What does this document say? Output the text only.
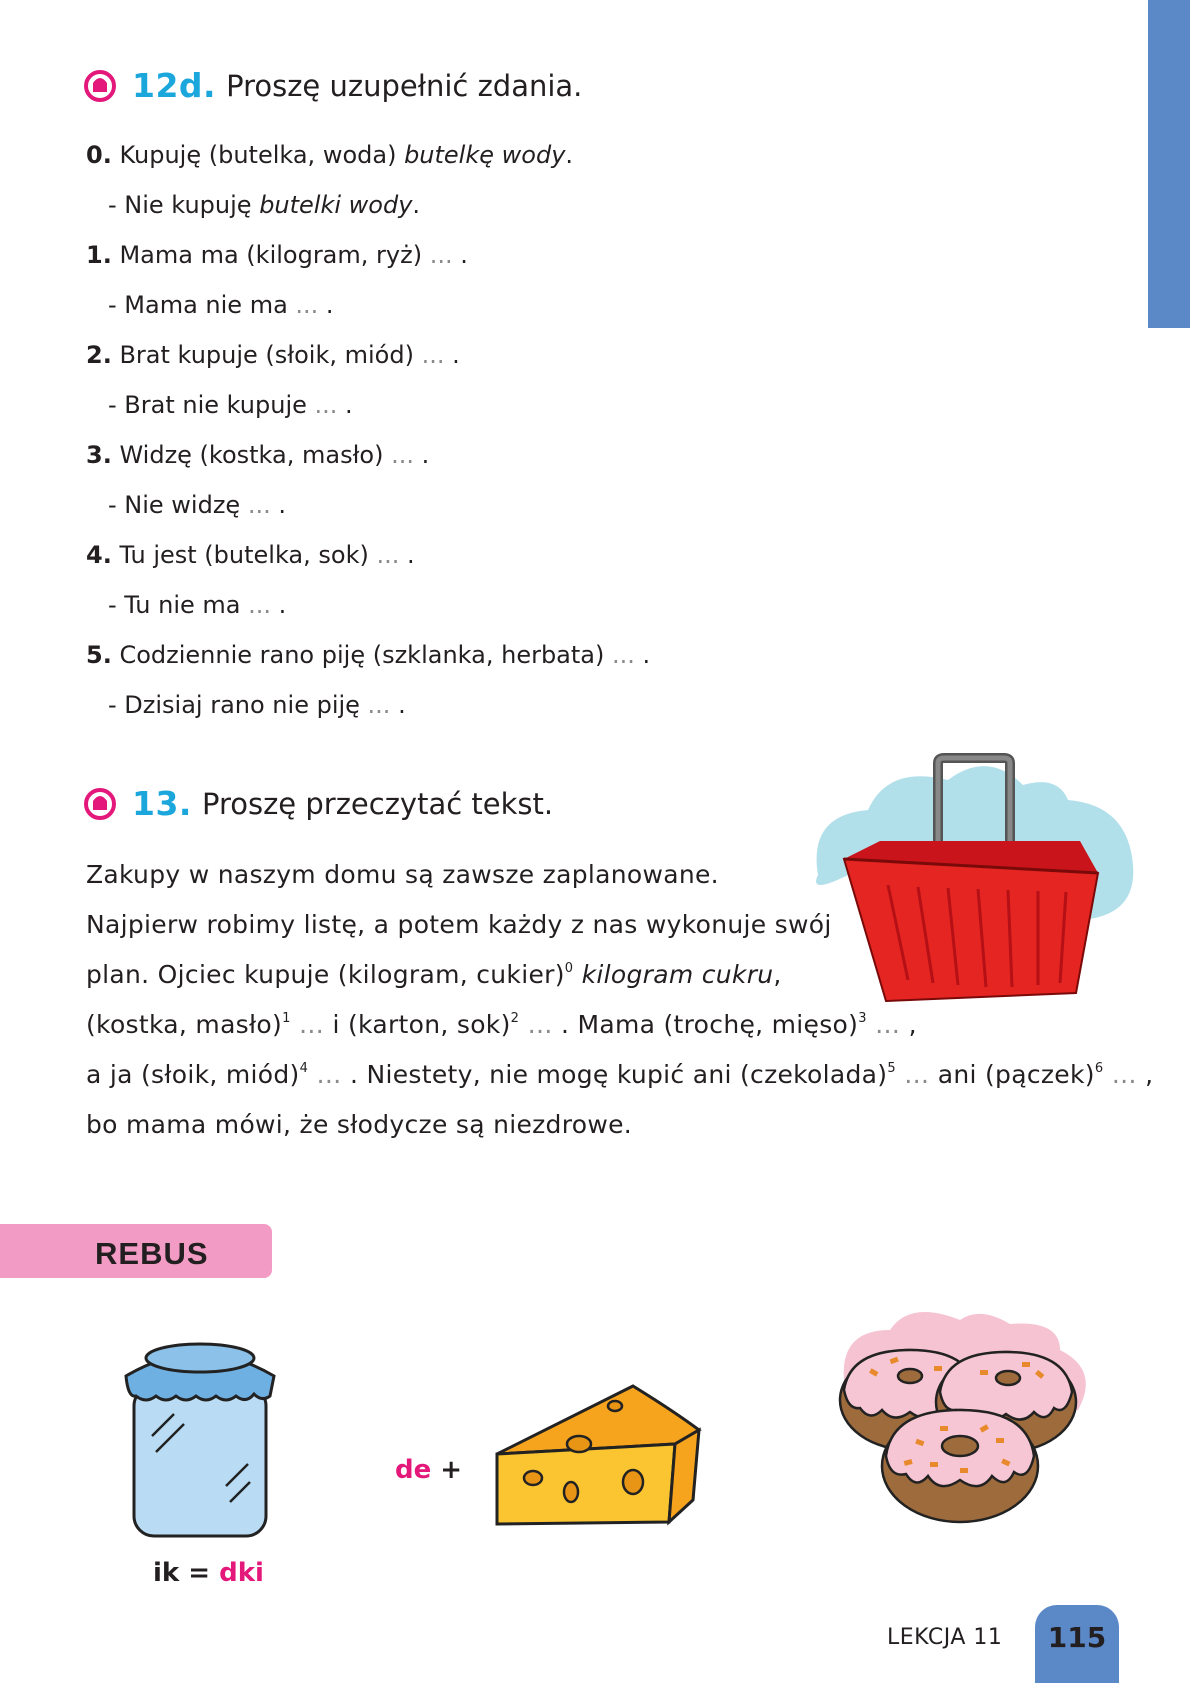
12d. Proszę uzupełnić zdania.
0. Kupuję (butelka, woda) butelkę wody.
- Nie kupuję butelki wody.
1. Mama ma (kilogram, ryż) ... .
- Mama nie ma ... .
2. Brat kupuje (słoik, miód) ... .
- Brat nie kupuje ... .
3. Widzę (kostka, masło) ... .
- Nie widzę ... .
4. Tu jest (butelka, sok) ... .
- Tu nie ma ... .
5. Codziennie rano piję (szklanka, herbata) ... .
- Dzisiaj rano nie piję ... .
13. Proszę przeczytać tekst.
Zakupy w naszym domu są zawsze zaplanowane.
Najpierw robimy listę, a potem każdy z nas wykonuje swój
plan. Ojciec kupuje (kilogram, cukier)$^0$ kilogram cukru,
(kostka, masło)$^1$ … i (karton, sok)$^2$ … . Mama (trochę, mięso)$^3$ … ,
a ja (słoik, miód)$^4$ … . Niestety, nie mogę kupić ani (czekolada)$^5$ … ani (pączek)$^6$ … ,
bo mama mówi, że słodycze są niezdrowe.
REBUS
ik = dki
de +
LEKCJA 11	115
